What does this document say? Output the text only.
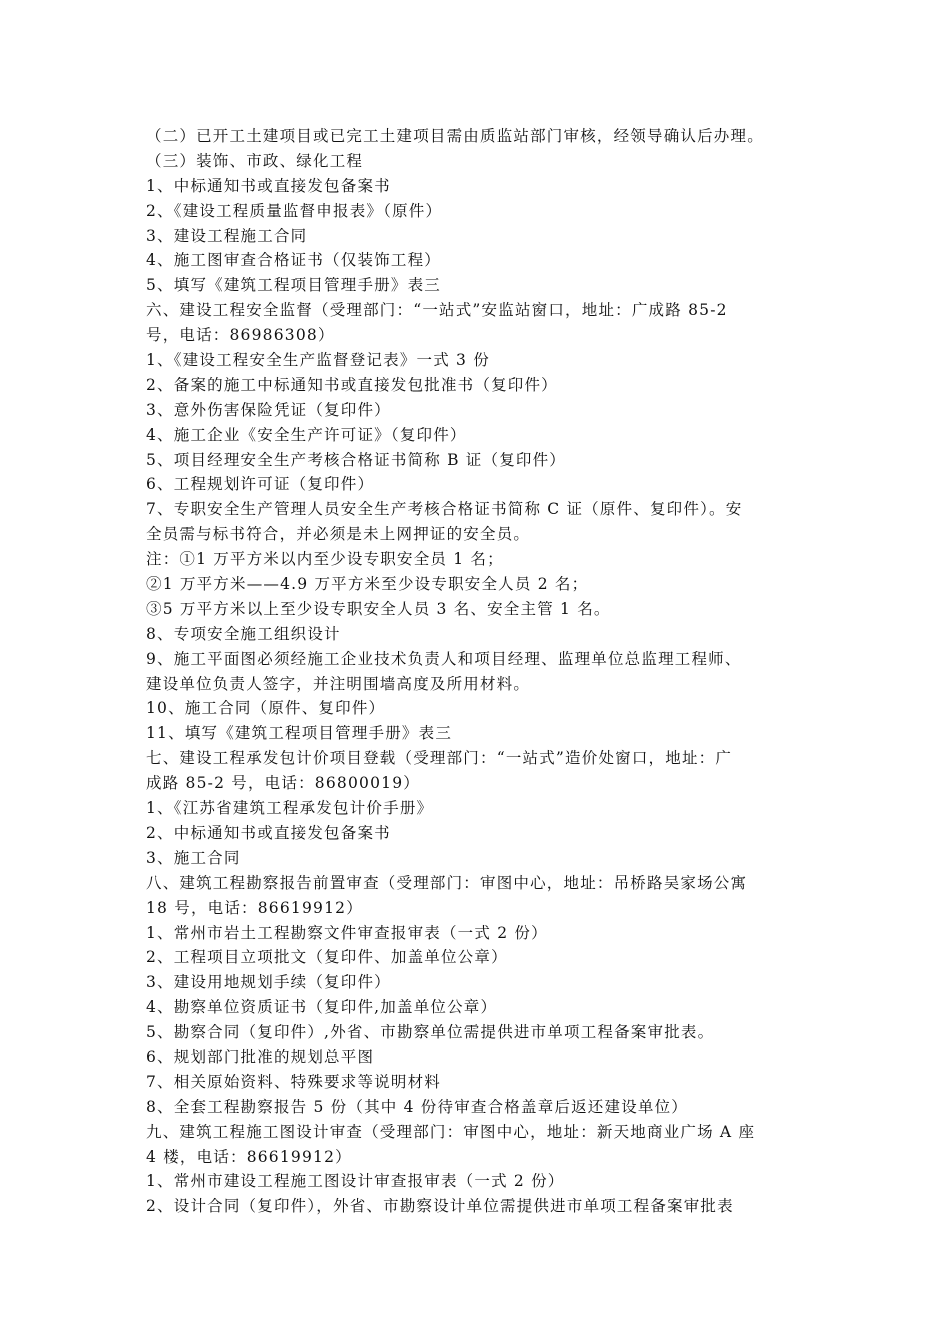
（二）已开工土建项目或已完工土建项目需由质监站部门审核，经领导确认后办理。
（三）装饰、市政、绿化工程
1、中标通知书或直接发包备案书
2、《建设工程质量监督申报表》（原件）
3、建设工程施工合同
4、施工图审查合格证书（仅装饰工程）
5、填写《建筑工程项目管理手册》表三
六、建设工程安全监督（受理部门：“一站式”安监站窗口，地址：广成路 85-2
号，电话：86986308）
1、《建设工程安全生产监督登记表》一式 3 份
2、备案的施工中标通知书或直接发包批准书（复印件）
3、意外伤害保险凭证（复印件）
4、施工企业《安全生产许可证》（复印件）
5、项目经理安全生产考核合格证书简称 B 证（复印件）
6、工程规划许可证（复印件）
7、专职安全生产管理人员安全生产考核合格证书简称 C 证（原件、复印件）。安
全员需与标书符合，并必须是未上网押证的安全员。
注：①1 万平方米以内至少设专职安全员 1 名；
②1 万平方米——4.9 万平方米至少设专职安全人员 2 名；
③5 万平方米以上至少设专职安全人员 3 名、安全主管 1 名。
8、专项安全施工组织设计
9、施工平面图必须经施工企业技术负责人和项目经理、监理单位总监理工程师、
建设单位负责人签字，并注明围墙高度及所用材料。
10、施工合同（原件、复印件）
11、填写《建筑工程项目管理手册》表三
七、建设工程承发包计价项目登载（受理部门：“一站式”造价处窗口，地址：广
成路 85-2 号，电话：86800019）
1、《江苏省建筑工程承发包计价手册》
2、中标通知书或直接发包备案书
3、施工合同
八、建筑工程勘察报告前置审查（受理部门：审图中心，地址：吊桥路吴家场公寓
18 号，电话：86619912）
1、常州市岩土工程勘察文件审查报审表（一式 2 份）
2、工程项目立项批文（复印件、加盖单位公章）
3、建设用地规划手续（复印件）
4、勘察单位资质证书（复印件,加盖单位公章）
5、勘察合同（复印件）,外省、市勘察单位需提供进市单项工程备案审批表。
6、规划部门批准的规划总平图
7、相关原始资料、特殊要求等说明材料
8、全套工程勘察报告 5 份（其中 4 份待审查合格盖章后返还建设单位）
九、建筑工程施工图设计审查（受理部门：审图中心，地址：新天地商业广场 A 座
4 楼，电话：86619912）
1、常州市建设工程施工图设计审查报审表（一式 2 份）
2、设计合同（复印件），外省、市勘察设计单位需提供进市单项工程备案审批表
